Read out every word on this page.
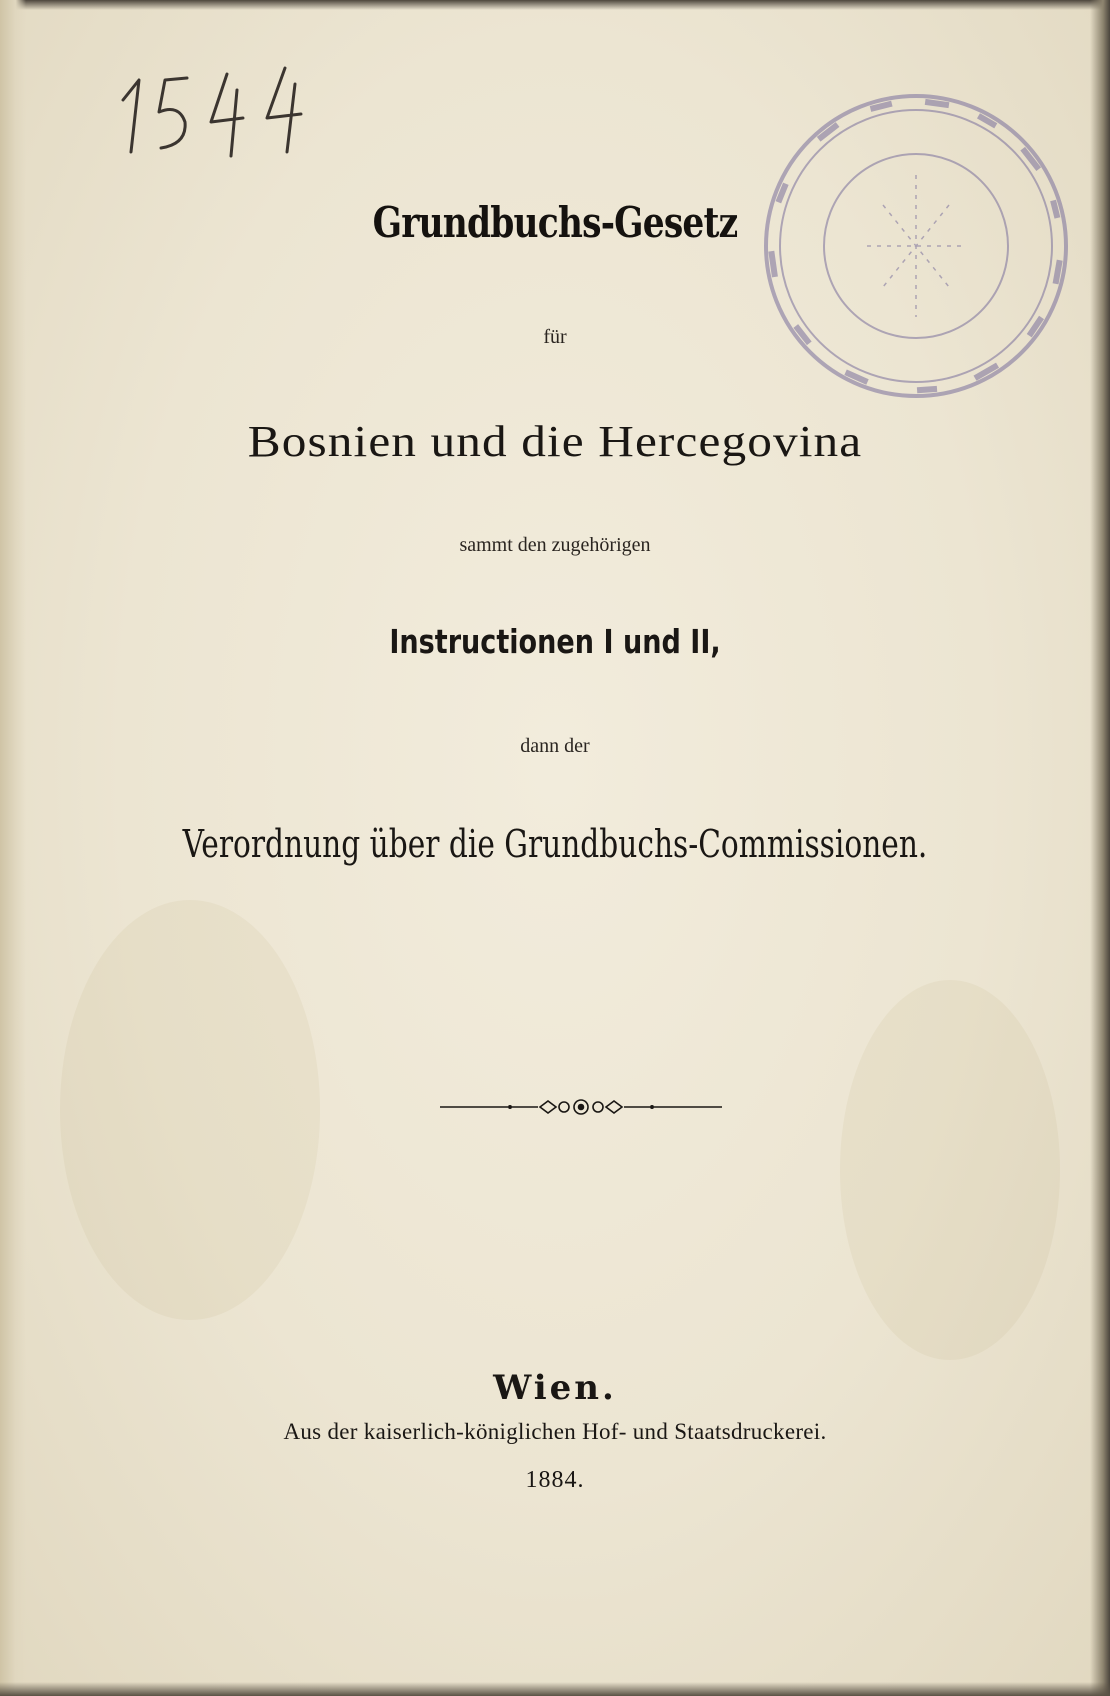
Grundbuchs-Gesetz
für
Bosnien und die Hercegovina
sammt den zugehörigen
Instructionen I und II,
dann der
Verordnung über die Grundbuchs-Commissionen.
Wien.
Aus der kaiserlich-königlichen Hof- und Staatsdruckerei.
1884.
